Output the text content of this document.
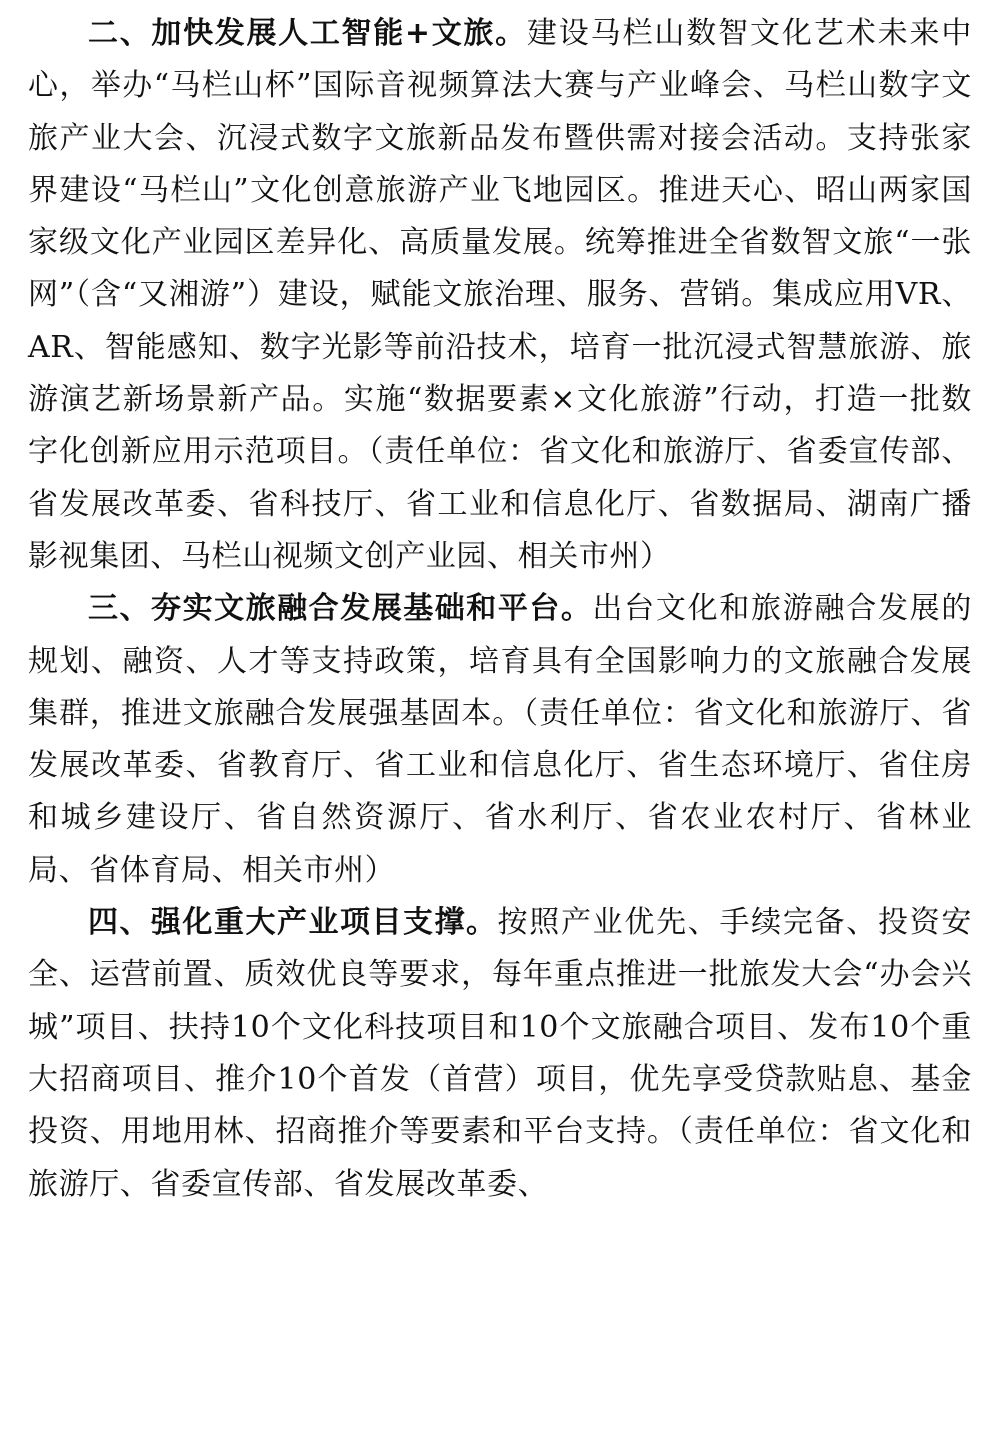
二、加快发展人工智能+文旅。建设马栏山数智文化艺术未来中心，举办“马栏山杯”国际音视频算法大赛与产业峰会、马栏山数字文旅产业大会、沉浸式数字文旅新品发布暨供需对接会活动。支持张家界建设“马栏山”文化创意旅游产业飞地园区。推进天心、昭山两家国家级文化产业园区差异化、高质量发展。统筹推进全省数智文旅“一张网”（含“又湘游”）建设，赋能文旅治理、服务、营销。集成应用VR、AR、智能感知、数字光影等前沿技术，培育一批沉浸式智慧旅游、旅游演艺新场景新产品。实施“数据要素×文化旅游”行动，打造一批数字化创新应用示范项目。（责任单位：省文化和旅游厅、省委宣传部、省发展改革委、省科技厅、省工业和信息化厅、省数据局、湖南广播影视集团、马栏山视频文创产业园、相关市州）

三、夯实文旅融合发展基础和平台。出台文化和旅游融合发展的规划、融资、人才等支持政策，培育具有全国影响力的文旅融合发展集群，推进文旅融合发展强基固本。（责任单位：省文化和旅游厅、省发展改革委、省教育厅、省工业和信息化厅、省生态环境厅、省住房和城乡建设厅、省自然资源厅、省水利厅、省农业农村厅、省林业局、省体育局、相关市州）

四、强化重大产业项目支撑。按照产业优先、手续完备、投资安全、运营前置、质效优良等要求，每年重点推进一批旅发大会“办会兴城”项目、扶持10个文化科技项目和10个文旅融合项目、发布10个重大招商项目、推介10个首发（首营）项目，优先享受贷款贴息、基金投资、用地用林、招商推介等要素和平台支持。（责任单位：省文化和旅游厅、省委宣传部、省发展改革委、
